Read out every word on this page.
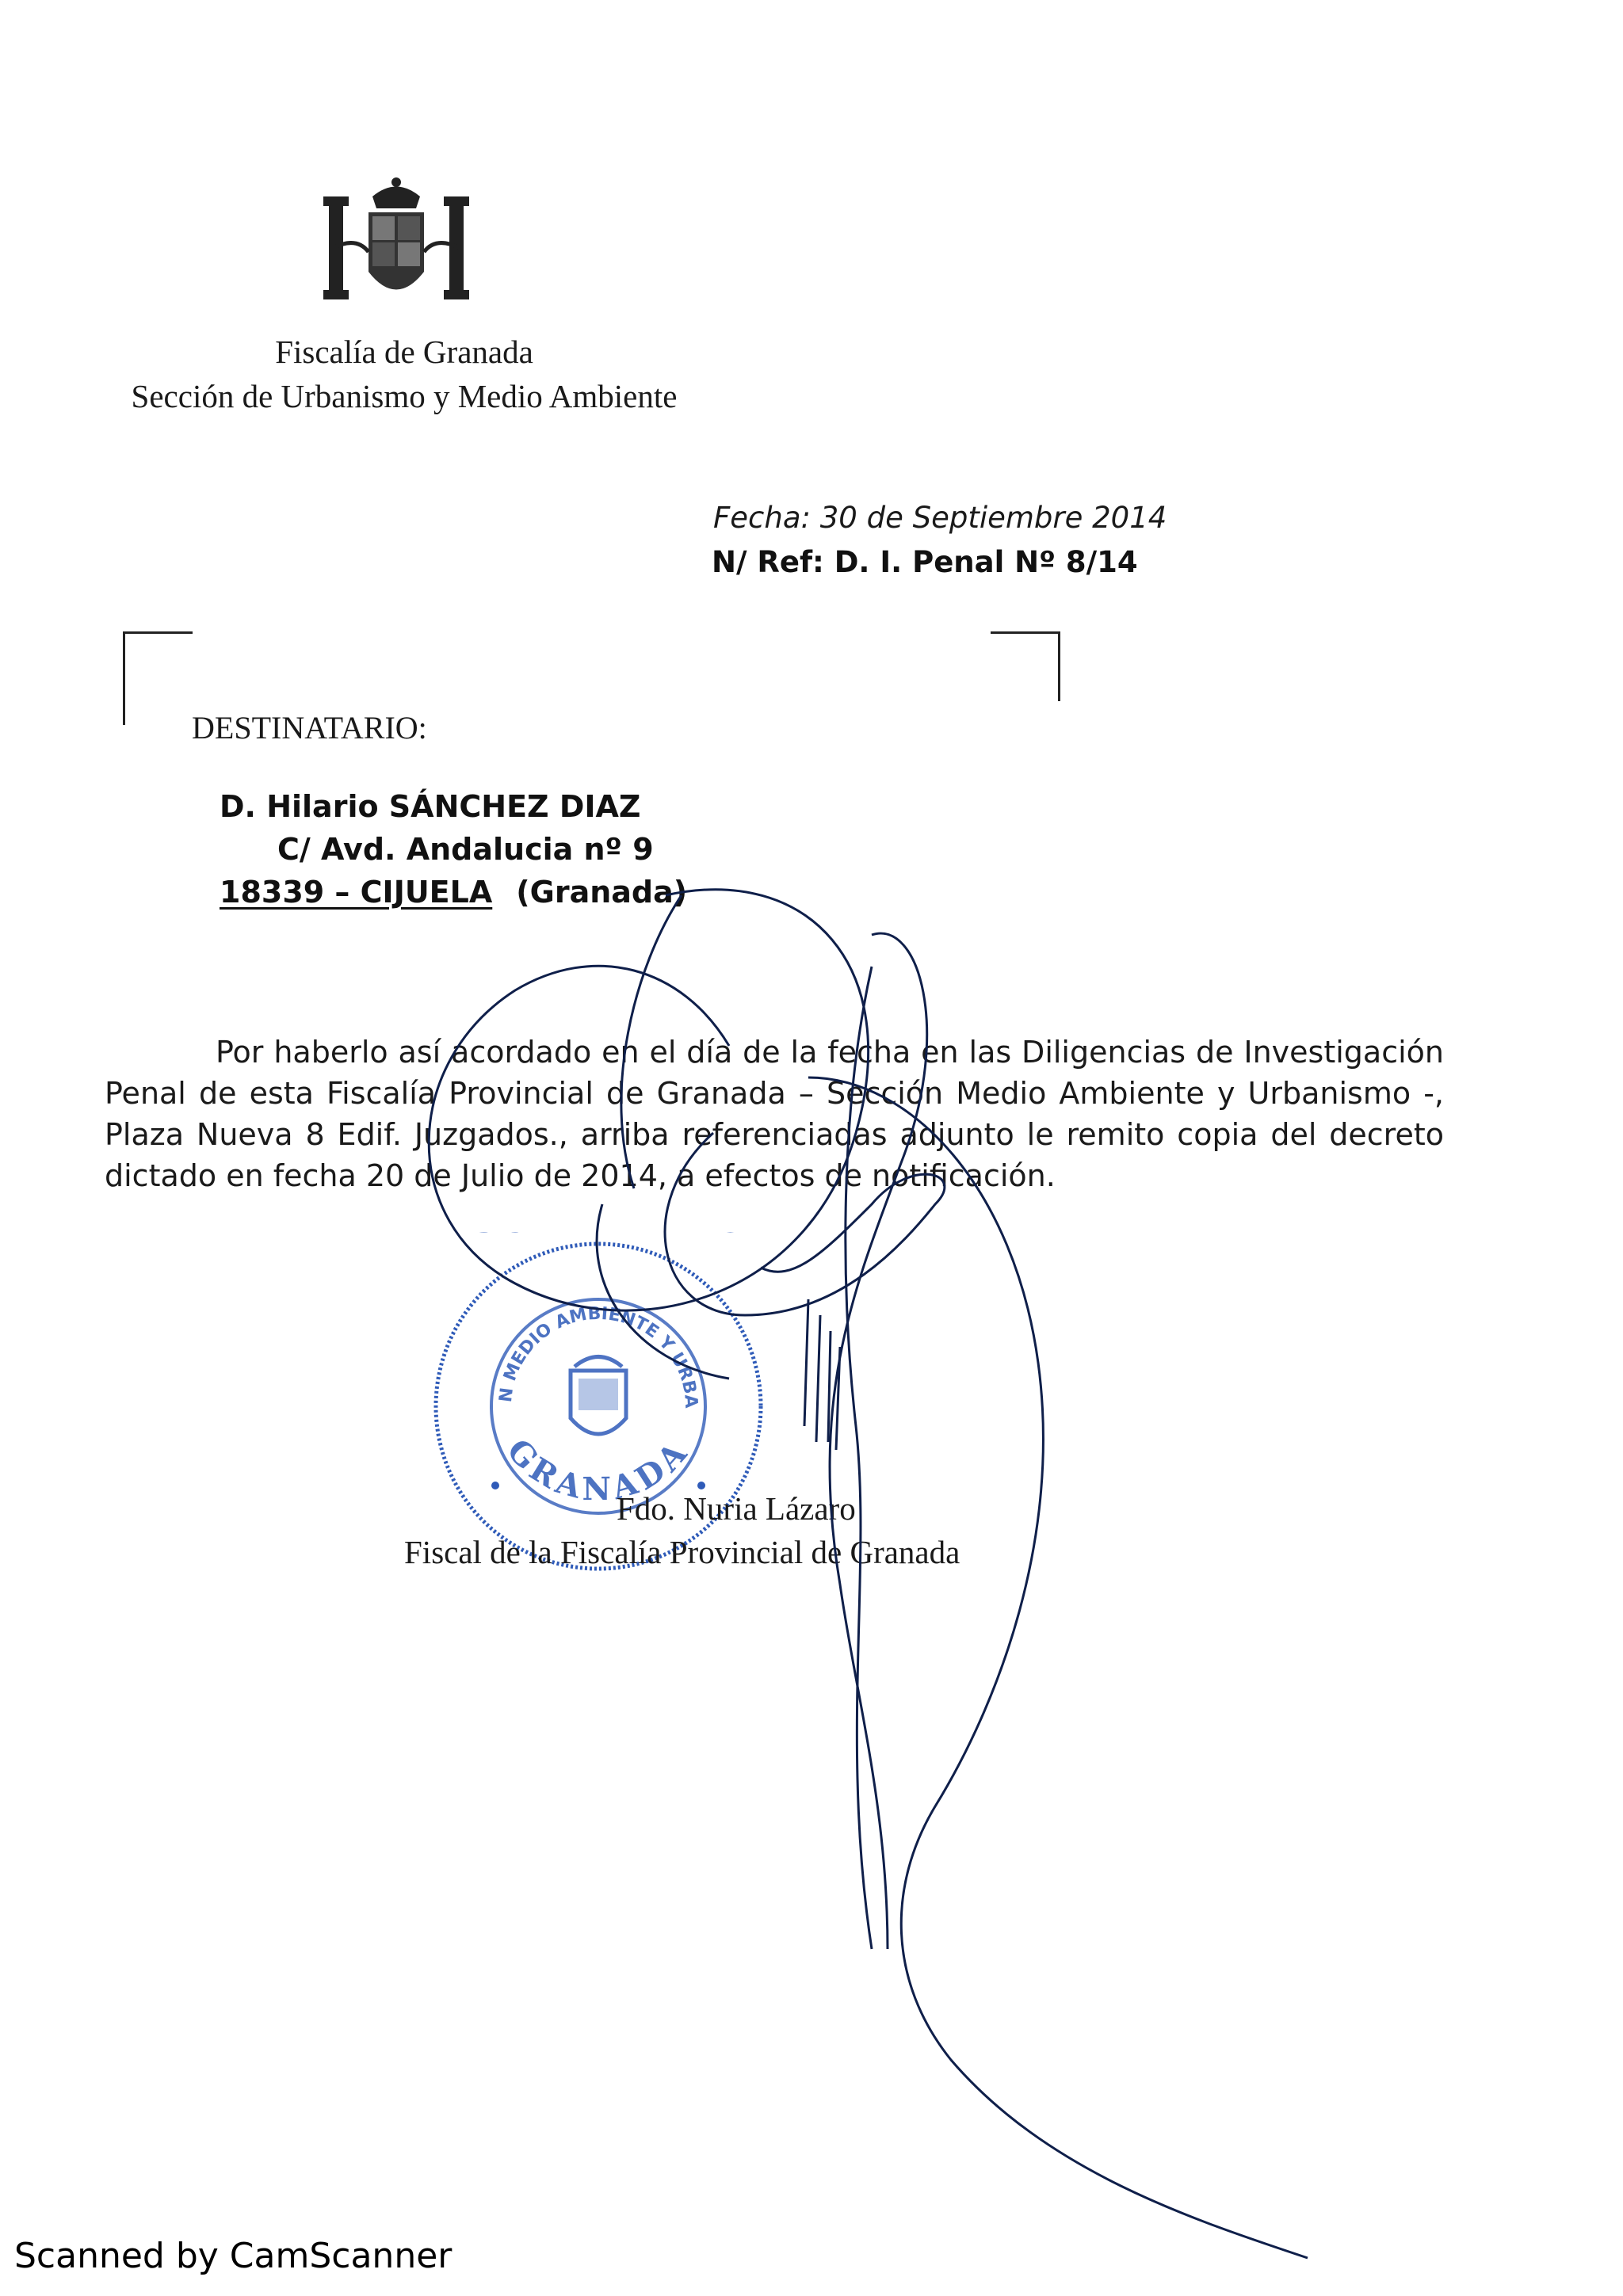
Fiscalía de Granada
Sección de Urbanismo y Medio Ambiente
Fecha: 30 de Septiembre 2014
N/ Ref: D. I. Penal Nº 8/14
DESTINATARIO:
D. Hilario SÁNCHEZ DIAZ
C/ Avd. Andalucia nº 9
18339 – CIJUELA (Granada)
Por haberlo así acordado en el día de la fecha en las Diligencias de Investigación Penal de esta Fiscalía Provincial de Granada – Sección Medio Ambiente y Urbanismo -, Plaza Nueva 8 Edif. Juzgados., arriba referenciadas adjunto le remito copia del decreto dictado en fecha 20 de Julio de 2014, a efectos de notificación.
N MEDIO AMBIENTE Y URBA
GRANADA
Fdo. Nuria Lázaro
Fiscal de la Fiscalía Provincial de Granada
Scanned by CamScanner
